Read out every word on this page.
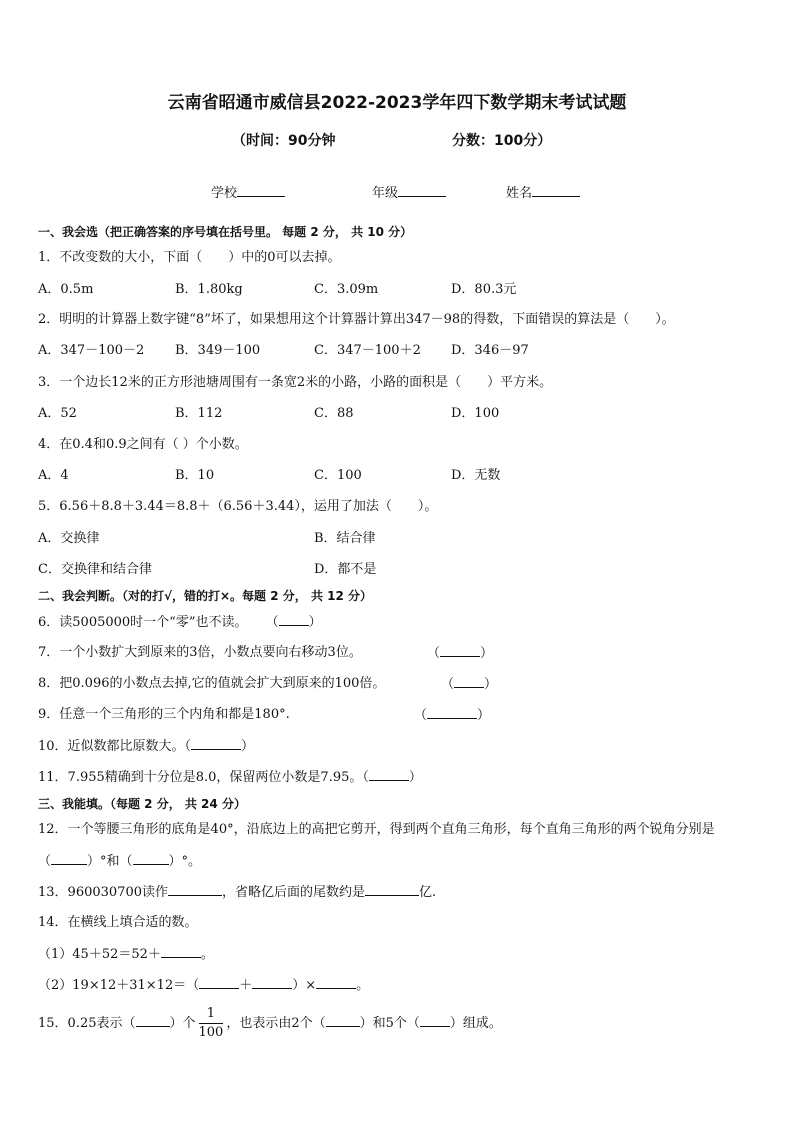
云南省昭通市威信县2022-2023学年四下数学期末考试试题
（时间：90分钟	分数：100分）
学校	年级	姓名
一、我会选（把正确答案的序号填在括号里。 每题 2 分， 共 10 分）
1．不改变数的大小，下面（　　）中的0可以去掉。
A．0.5m	B．1.80kg	C．3.09m	D．80.3元
2．明明的计算器上数字键“8”坏了，如果想用这个计算器计算出347－98的得数，下面错误的算法是（　　）。
A．347－100－2 B．349－100	C．347－100＋2 D．346－97
3．一个边长12米的正方形池塘周围有一条宽2米的小路，小路的面积是（　　）平方米。
A．52	B．112	C．88	D．100
4．在0.4和0.9之间有（ ）个小数。
A．4	B．10	C．100	D．无数
5．6.56＋8.8＋3.44＝8.8＋（6.56＋3.44），运用了加法（　　）。
A．交换律	B．结合律
C．交换律和结合律	D．都不是
二、我会判断。（对的打√，错的打×。每题 2 分， 共 12 分）
6．读5005000时一个“零”也不读。 （ ）
7．一个小数扩大到原来的3倍，小数点要向右移动3位。	（	）
8．把0.096的小数点去掉,它的值就会扩大到原来的100倍。	（ ）
9．任意一个三角形的三个内角和都是180°.	（	）
10．近似数都比原数大。（	）
11．7.955精确到十分位是8.0，保留两位小数是7.95。（	）
三、我能填。（每题 2 分， 共 24 分）
12．一个等腰三角形的底角是40°，沿底边上的高把它剪开，得到两个直角三角形，每个直角三角形的两个锐角分别是
（	）°和（	）°。
13．960030700读作	，省略亿后面的尾数约是	亿.
14．在横线上填合适的数。
（1）45＋52＝52＋	。
（2）19×12＋31×12＝（	＋	）×	。
15．0.25表示（	）个 $\frac{1}{100}$ ，也表示由2个（	）和5个（ ）组成。
